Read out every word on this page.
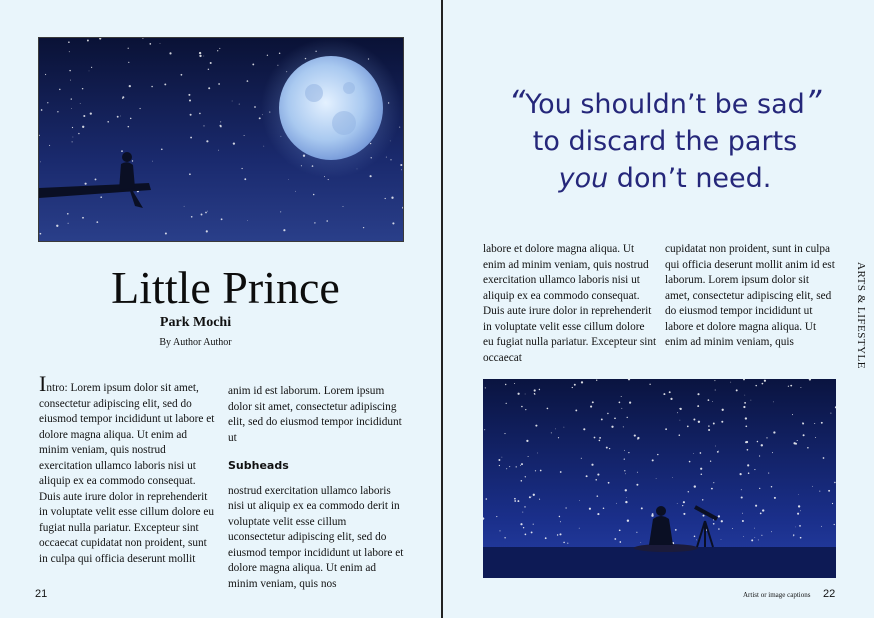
Little Prince
Park Mochi
By Author Author
Intro: Lorem ipsum dolor sit amet, consectetur adipiscing elit, sed do eiusmod tempor incididunt ut labore et dolore magna aliqua. Ut enim ad minim veniam, quis nostrud exercitation ullamco laboris nisi ut aliquip ex ea commodo consequat. Duis aute irure dolor in reprehenderit in voluptate velit esse cillum dolore eu fugiat nulla pariatur. Excepteur sint occaecat cupidatat non proident, sunt in culpa qui officia deserunt mollit
anim id est laborum. Lorem ipsum dolor sit amet, consectetur adipiscing elit, sed do eiusmod tempor incididunt ut
Subheads
nostrud exercitation ullamco laboris nisi ut aliquip ex ea commodo derit in voluptate velit esse cillum uconsectetur adipiscing elit, sed do eiusmod tempor incididunt ut labore et dolore magna aliqua. Ut enim ad minim veniam, quis nos
21
“You shouldn’t be sad”
to discard the parts
you don’t need.
labore et dolore magna aliqua. Ut enim ad minim veniam, quis nostrud exercitation ullamco laboris nisi ut aliquip ex ea commodo consequat. Duis aute irure dolor in reprehenderit in voluptate velit esse cillum dolore eu fugiat nulla pariatur. Excepteur sint occaecat
cupidatat non proident, sunt in culpa qui officia deserunt mollit anim id est laborum. Lorem ipsum dolor sit amet, consectetur adipiscing elit, sed do eiusmod tempor incididunt ut labore et dolore magna aliqua. Ut enim ad minim veniam, quis	ARTS & LIFESTYLE
Artist or image captions 22
